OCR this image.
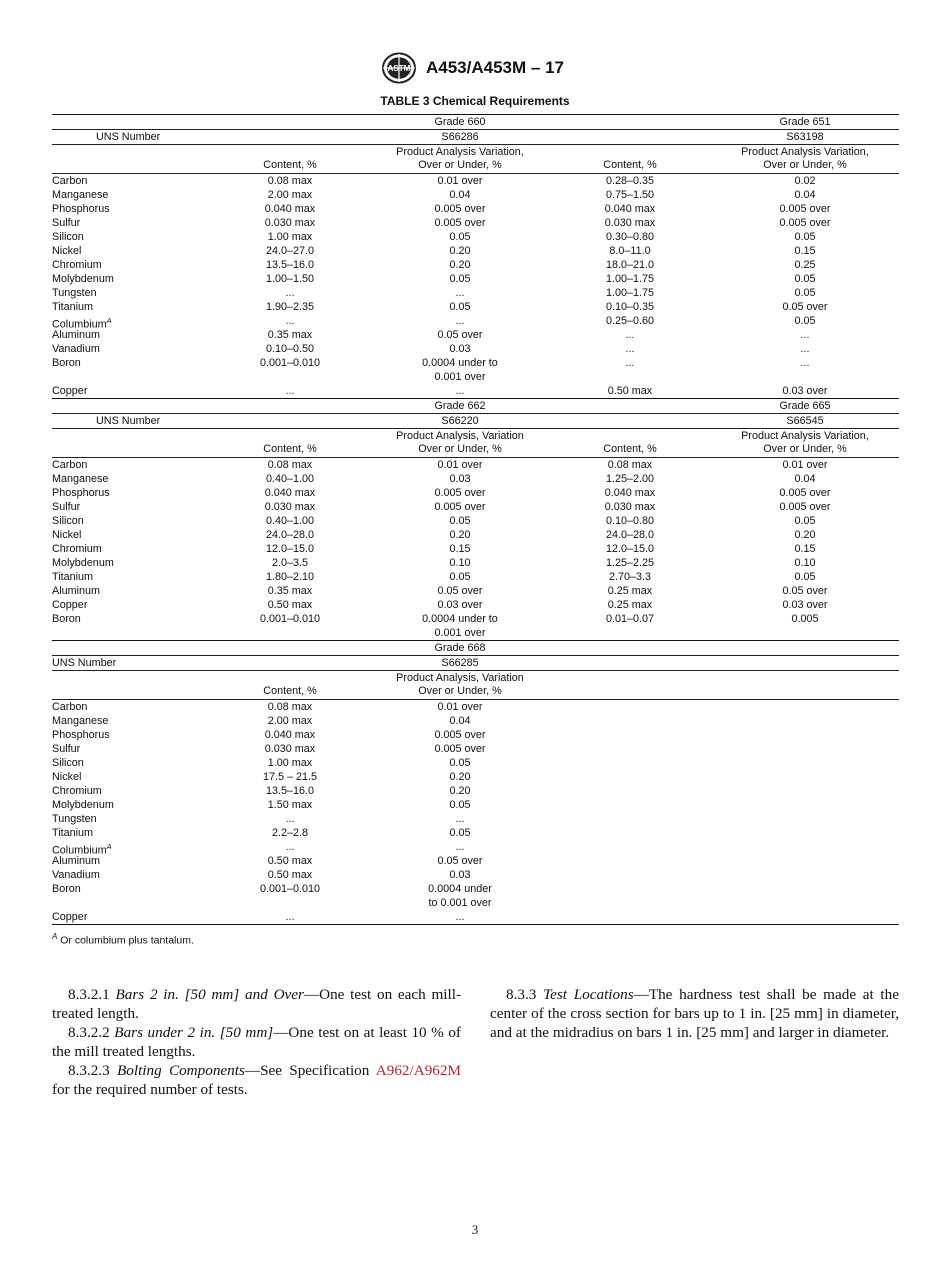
ASTM A453/A453M – 17
TABLE 3 Chemical Requirements
Grade 660	Grade 651
UNS Number	S66286	S63198
Product Analysis Variation,	Product Analysis Variation,
Content, %	Over or Under, %	Content, %	Over or Under, %
Carbon	0.08 max	0.01 over	0.28–0.35	0.02
Manganese	2.00 max	0.04	0.75–1.50	0.04
Phosphorus	0.040 max	0.005 over	0.040 max	0.005 over
Sulfur	0.030 max	0.005 over	0.030 max	0.005 over
Silicon	1.00 max	0.05	0.30–0.80	0.05
Nickel	24.0–27.0	0.20	8.0–11.0	0.15
Chromium	13.5–16.0	0.20	18.0–21.0	0.25
Molybdenum	1.00–1.50	0.05	1.00–1.75	0.05
Tungsten	...	...	1.00–1.75	0.05
Titanium	1.90–2.35	0.05	0.10–0.35	0.05 over
Columbium$^A$	...	...	0.25–0.60	0.05
Aluminum	0.35 max	0.05 over	...	...
Vanadium	0.10–0.50	0.03	...	...
Boron	0.001–0.010	0.0004 under to	...	...
0.001 over
Copper	...	...	0.50 max	0.03 over
Grade 662	Grade 665
UNS Number	S66220	S66545
Product Analysis, Variation	Product Analysis Variation,
Content, %	Over or Under, %	Content, %	Over or Under, %
Carbon	0.08 max	0.01 over	0.08 max	0.01 over
Manganese	0.40–1.00	0.03	1.25–2.00	0.04
Phosphorus	0.040 max	0.005 over	0.040 max	0.005 over
Sulfur	0.030 max	0.005 over	0.030 max	0.005 over
Silicon	0.40–1.00	0.05	0.10–0.80	0.05
Nickel	24.0–28.0	0.20	24.0–28.0	0.20
Chromium	12.0–15.0	0.15	12.0–15.0	0.15
Molybdenum	2.0–3.5	0.10	1.25–2.25	0.10
Titanium	1.80–2.10	0.05	2.70–3.3	0.05
Aluminum	0.35 max	0.05 over	0.25 max	0.05 over
Copper	0.50 max	0.03 over	0.25 max	0.03 over
Boron	0.001–0.010	0.0004 under to	0.01–0.07	0.005
0.001 over
Grade 668
UNS Number	S66285
Product Analysis, Variation
Content, %	Over or Under, %
Carbon	0.08 max	0.01 over
Manganese	2.00 max	0.04
Phosphorus	0.040 max	0.005 over
Sulfur	0.030 max	0.005 over
Silicon	1.00 max	0.05
Nickel	17.5 – 21.5	0.20
Chromium	13.5–16.0	0.20
Molybdenum	1.50 max	0.05
Tungsten	...	...
Titanium	2.2–2.8	0.05
Columbium$^A$	...	...
Aluminum	0.50 max	0.05 over
Vanadium	0.50 max	0.03
Boron	0.001–0.010	0.0004 under
to 0.001 over
Copper	...	...
$^A$ Or columbium plus tantalum.

8.3.2.1 Bars 2 in. [50 mm] and Over—One test on each mill-treated length.

8.3.2.2 Bars under 2 in. [50 mm]—One test on at least 10 % of the mill treated lengths.

8.3.2.3 Bolting Components—See Specification A962/A962M for the required number of tests.

8.3.3 Test Locations—The hardness test shall be made at the center of the cross section for bars up to 1 in. [25 mm] in diameter, and at the midradius on bars 1 in. [25 mm] and larger in diameter.

3
